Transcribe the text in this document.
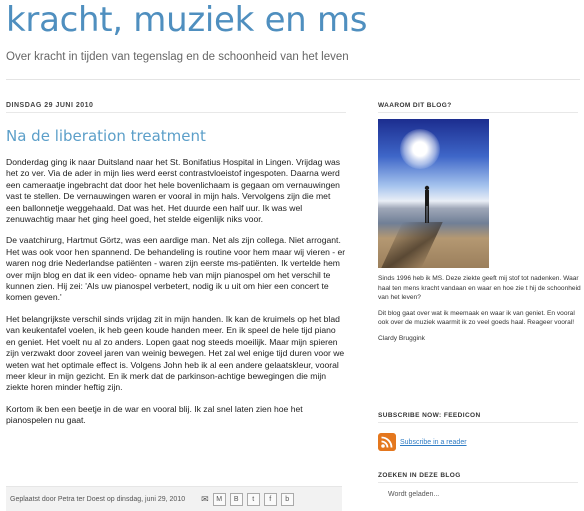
kracht, muziek en ms
Over kracht in tijden van tegenslag en de schoonheid van het leven
DINSDAG 29 JUNI 2010
Na de liberation treatment

Donderdag ging ik naar Duitsland naar het St. Bonifatius Hospital in Lingen. Vrijdag was het zo ver. Via de ader in mijn lies werd eerst contrastvloeistof ingespoten. Daarna werd een cameraatje ingebracht dat door het hele bovenlichaam is gegaan om vernauwingen vast te stellen. De vernauwingen waren er vooral in mijn hals. Vervolgens zijn die met een ballonnetje weggehaald. Dat was het. Het duurde een half uur. Ik was wel zenuwachtig maar het ging heel goed, het stelde eigenlijk niks voor.

De vaatchirurg, Hartmut Görtz, was een aardige man. Net als zijn collega. Niet arrogant. Het was ook voor hen spannend. De behandeling is routine voor hem maar wij vieren - er waren nog drie Nederlandse patiënten - waren zijn eerste ms-patiënten. Ik vertelde hem over mijn blog en dat ik een video- opname heb van mijn pianospel om het verschil te kunnen zien. Hij zei: 'Als uw pianospel verbetert, nodig ik u uit om hier een concert te komen geven.'

Het belangrijkste verschil sinds vrijdag zit in mijn handen. Ik kan de kruimels op het blad van keukentafel voelen, ik heb geen koude handen meer. En ik speel de hele tijd piano en geniet. Het voelt nu al zo anders. Lopen gaat nog steeds moeilijk. Maar mijn spieren zijn verzwakt door zoveel jaren van weinig bewegen. Het zal wel enige tijd duren voor we weten wat het optimale effect is. Volgens John heb ik al een andere gelaatskleur, vooral meer kleur in mijn gezicht. En ik merk dat de parkinson-achtige bewegingen die mijn ziekte horen minder heftig zijn.

Kortom ik ben een beetje in de war en vooral blij. Ik zal snel laten zien hoe het pianospelen nu gaat.

Geplaatst door Petra ter Doest op dinsdag, juni 29, 2010 ✉	M	B	t	f	b
WAAROM DIT BLOG?

Sinds 1996 heb ik MS. Deze ziekte geeft mij stof tot nadenken. Waar haal ten mens kracht vandaan en waar en hoe zie t hij de schoonheid van het leven?

Dit blog gaat over wat ik meemaak en waar ik van geniet. En vooral ook over de muziek waarmit ik zo veel goeds haal. Reageer vooral!

Clardy Bruggink

SUBSCRIBE NOW: FEEDICON
Subscribe in a reader
ZOEKEN IN DEZE BLOG
Wordt geladen...
